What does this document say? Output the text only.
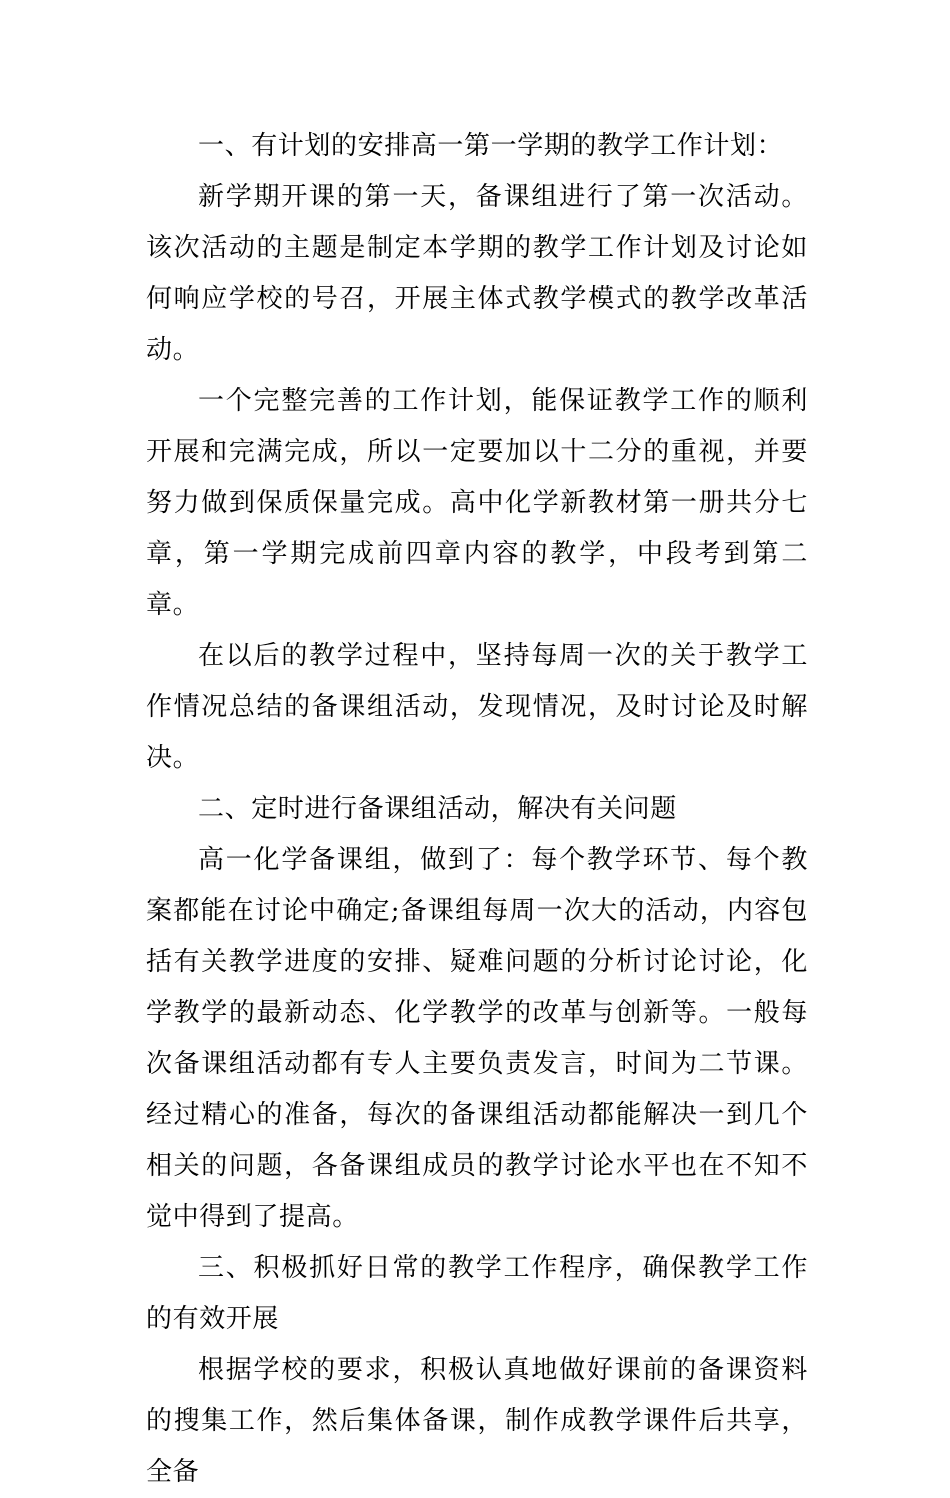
一、有计划的安排高一第一学期的教学工作计划：

新学期开课的第一天，备课组进行了第一次活动。该次活动的主题是制定本学期的教学工作计划及讨论如何响应学校的号召，开展主体式教学模式的教学改革活动。

一个完整完善的工作计划，能保证教学工作的顺利开展和完满完成，所以一定要加以十二分的重视，并要努力做到保质保量完成。高中化学新教材第一册共分七章，第一学期完成前四章内容的教学，中段考到第二章。

在以后的教学过程中，坚持每周一次的关于教学工作情况总结的备课组活动，发现情况，及时讨论及时解决。

二、定时进行备课组活动，解决有关问题

高一化学备课组，做到了：每个教学环节、每个教案都能在讨论中确定;备课组每周一次大的活动，内容包括有关教学进度的安排、疑难问题的分析讨论讨论，化学教学的最新动态、化学教学的改革与创新等。一般每次备课组活动都有专人主要负责发言，时间为二节课。经过精心的准备，每次的备课组活动都能解决一到几个相关的问题，各备课组成员的教学讨论水平也在不知不觉中得到了提高。

三、积极抓好日常的教学工作程序，确保教学工作的有效开展

根据学校的要求，积极认真地做好课前的备课资料的搜集工作，然后集体备课，制作成教学课件后共享，全备
